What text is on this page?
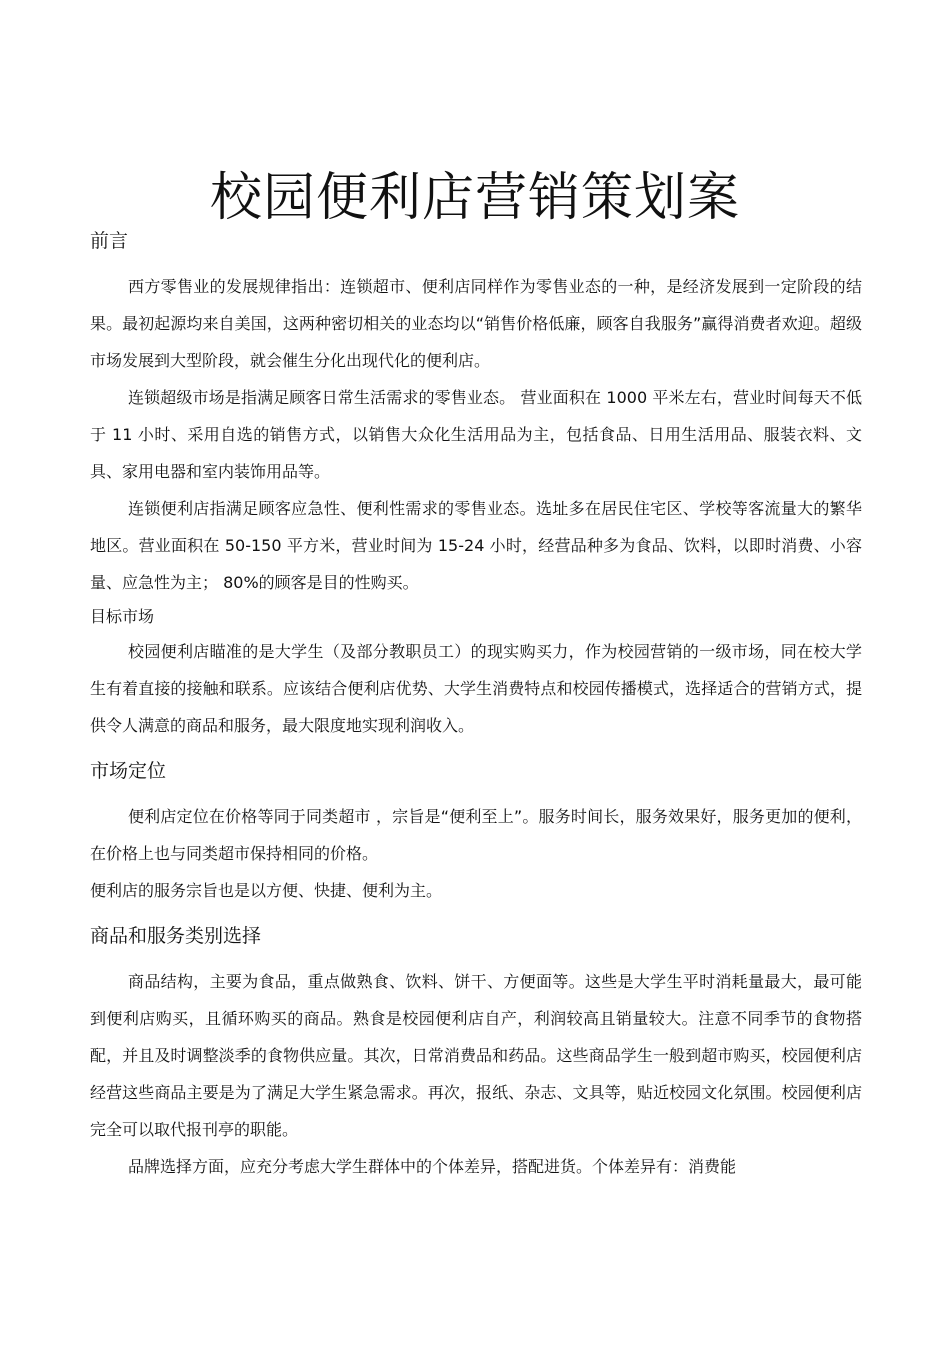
校园便利店营销策划案
前言

西方零售业的发展规律指出：连锁超市、便利店同样作为零售业态的一种，是经济发展到一定阶段的结果。最初起源均来自美国，这两种密切相关的业态均以“销售价格低廉，顾客自我服务”赢得消费者欢迎。超级市场发展到大型阶段，就会催生分化出现代化的便利店。

连锁超级市场是指满足顾客日常生活需求的零售业态。 营业面积在 1000 平米左右，营业时间每天不低于 11 小时、采用自选的销售方式，以销售大众化生活用品为主，包括食品、日用生活用品、服装衣料、文具、家用电器和室内装饰用品等。

连锁便利店指满足顾客应急性、便利性需求的零售业态。选址多在居民住宅区、学校等客流量大的繁华地区。营业面积在 50-150 平方米，营业时间为 15-24 小时，经营品种多为食品、饮料，以即时消费、小容量、应急性为主； 80%的顾客是目的性购买。

目标市场

校园便利店瞄准的是大学生（及部分教职员工）的现实购买力，作为校园营销的一级市场，同在校大学生有着直接的接触和联系。应该结合便利店优势、大学生消费特点和校园传播模式，选择适合的营销方式，提供令人满意的商品和服务，最大限度地实现利润收入。

市场定位

便利店定位在价格等同于同类超市 ，宗旨是“便利至上”。服务时间长，服务效果好，服务更加的便利，在价格上也与同类超市保持相同的价格。

便利店的服务宗旨也是以方便、快捷、便利为主。

商品和服务类别选择

商品结构，主要为食品，重点做熟食、饮料、饼干、方便面等。这些是大学生平时消耗量最大，最可能到便利店购买，且循环购买的商品。熟食是校园便利店自产，利润较高且销量较大。注意不同季节的食物搭配，并且及时调整淡季的食物供应量。其次，日常消费品和药品。这些商品学生一般到超市购买，校园便利店经营这些商品主要是为了满足大学生紧急需求。再次，报纸、杂志、文具等，贴近校园文化氛围。校园便利店完全可以取代报刊亭的职能。

品牌选择方面，应充分考虑大学生群体中的个体差异，搭配进货。个体差异有：消费能
